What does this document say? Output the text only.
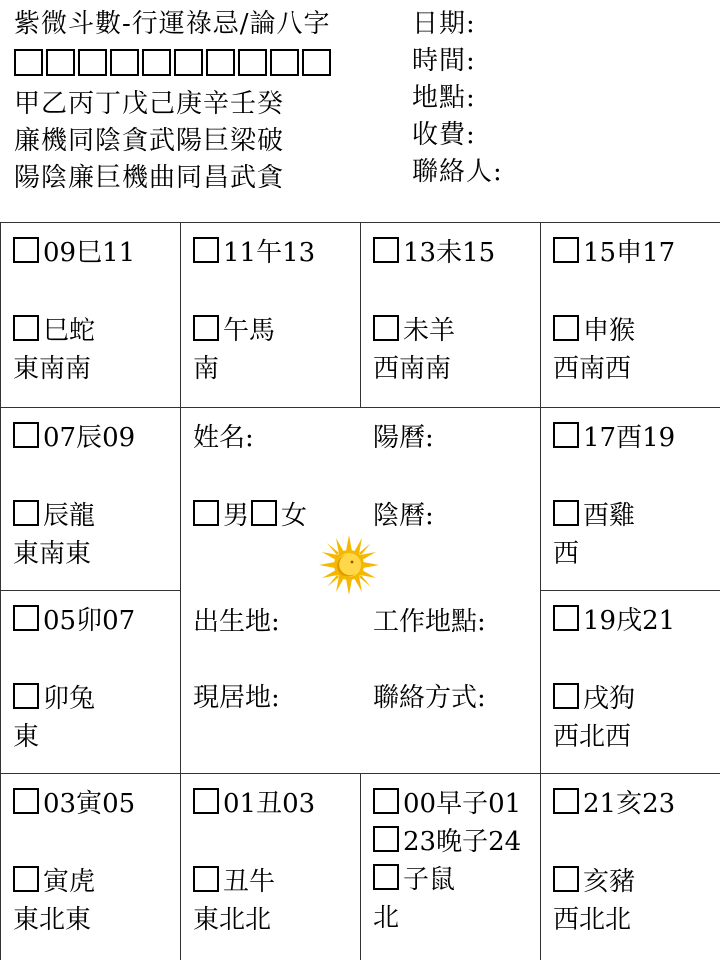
紫微斗數-行運祿忌/論八字
甲乙丙丁戊己庚辛壬癸
廉機同陰貪武陽巨梁破
陽陰廉巨機曲同昌武貪
日期:
時間:
地點:
收費:
聯絡人:
09巳11
巳蛇
東南南
11午13
午馬
南
13未15
未羊
西南南
15申17
申猴
西南西
07辰09
辰龍
東南東
姓名:	陽曆:
男 女	陰曆:
出生地:	工作地點:
現居地:	聯絡方式:
17酉19
酉雞
西
05卯07
卯兔
東
19戌21
戌狗
西北西
03寅05
寅虎
東北東
01丑03
丑牛
東北北
00早子01
23晚子24
子鼠
北
21亥23
亥豬
西北北
